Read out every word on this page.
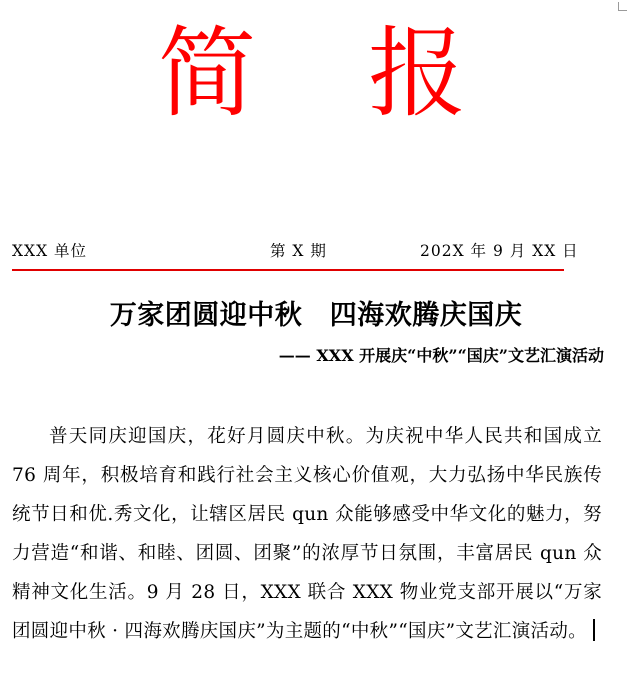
简 报
XXX 单位	第 X 期	202X 年 9 月 XX 日
万家团圆迎中秋　四海欢腾庆国庆
—— XXX 开展庆“中秋”“国庆”文艺汇演活动

普天同庆迎国庆，花好月圆庆中秋。为庆祝中华人民共和国成立 76 周年，积极培育和践行社会主义核心价值观，大力弘扬中华民族传统节日和优.秀文化，让辖区居民 qun 众能够感受中华文化的魅力，努力营造“和谐、和睦、团圆、团聚”的浓厚节日氛围，丰富居民 qun 众精神文化生活。9 月 28 日，XXX 联合 XXX 物业党支部开展以“万家团圆迎中秋 · 四海欢腾庆国庆”为主题的“中秋”“国庆”文艺汇演活动。
